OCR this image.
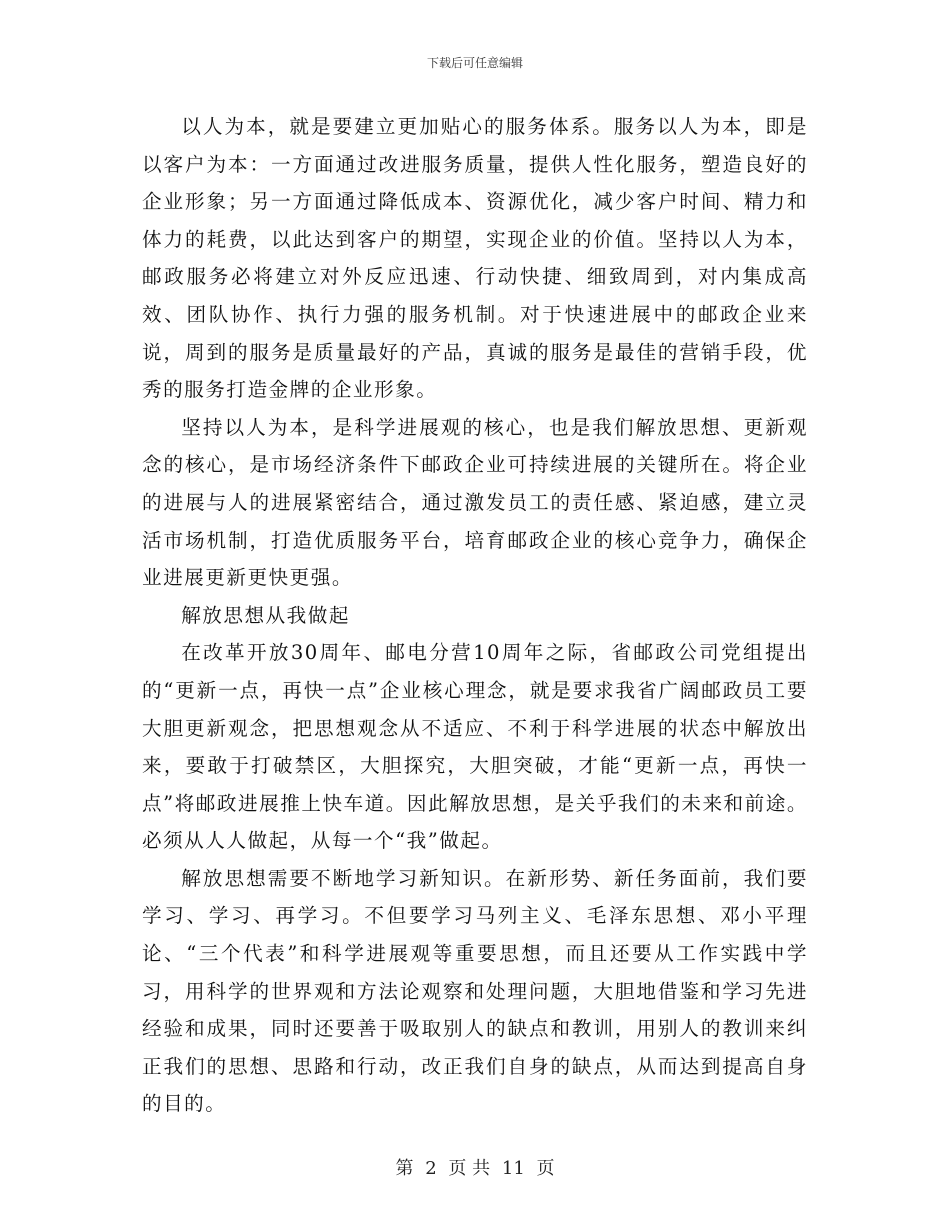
下载后可任意编辑

以人为本，就是要建立更加贴心的服务体系。服务以人为本，即是以客户为本：一方面通过改进服务质量，提供人性化服务，塑造良好的企业形象；另一方面通过降低成本、资源优化，减少客户时间、精力和体力的耗费，以此达到客户的期望，实现企业的价值。坚持以人为本，邮政服务必将建立对外反应迅速、行动快捷、细致周到，对内集成高效、团队协作、执行力强的服务机制。对于快速进展中的邮政企业来说，周到的服务是质量最好的产品，真诚的服务是最佳的营销手段，优秀的服务打造金牌的企业形象。

坚持以人为本，是科学进展观的核心，也是我们解放思想、更新观念的核心，是市场经济条件下邮政企业可持续进展的关键所在。将企业的进展与人的进展紧密结合，通过激发员工的责任感、紧迫感，建立灵活市场机制，打造优质服务平台，培育邮政企业的核心竞争力，确保企业进展更新更快更强。

解放思想从我做起

在改革开放30周年、邮电分营10周年之际，省邮政公司党组提出的“更新一点，再快一点”企业核心理念，就是要求我省广阔邮政员工要大胆更新观念，把思想观念从不适应、不利于科学进展的状态中解放出来，要敢于打破禁区，大胆探究，大胆突破，才能“更新一点，再快一点”将邮政进展推上快车道。因此解放思想，是关乎我们的未来和前途。必须从人人做起，从每一个“我”做起。

解放思想需要不断地学习新知识。在新形势、新任务面前，我们要学习、学习、再学习。不但要学习马列主义、毛泽东思想、邓小平理论、“三个代表”和科学进展观等重要思想，而且还要从工作实践中学习，用科学的世界观和方法论观察和处理问题，大胆地借鉴和学习先进经验和成果，同时还要善于吸取别人的缺点和教训，用别人的教训来纠正我们的思想、思路和行动，改正我们自身的缺点，从而达到提高自身的目的。

第 2 页 共 11 页
